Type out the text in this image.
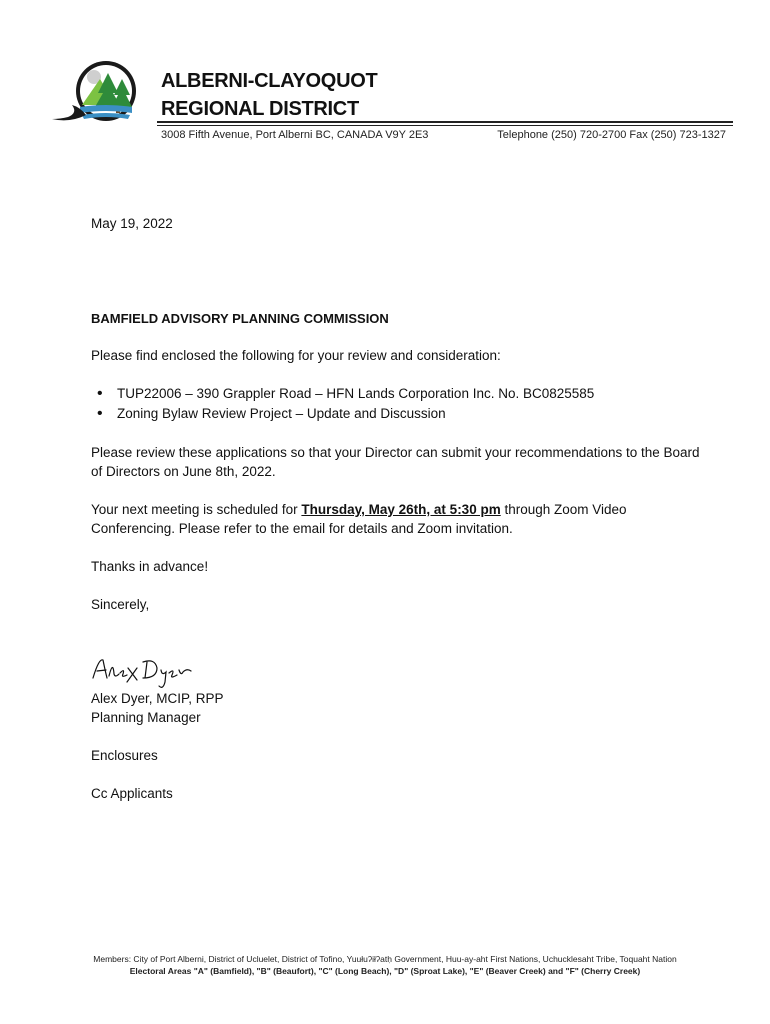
ALBERNI-CLAYOQUOT
REGIONAL DISTRICT
3008 Fifth Avenue, Port Alberni BC, CANADA V9Y 2E3	Telephone (250) 720-2700 Fax (250) 723-1327
May 19, 2022
BAMFIELD ADVISORY PLANNING COMMISSION
Please find enclosed the following for your review and consideration:
• TUP22006 – 390 Grappler Road – HFN Lands Corporation Inc. No. BC0825585
• Zoning Bylaw Review Project – Update and Discussion
Please review these applications so that your Director can submit your recommendations to the Board of Directors on June 8th, 2022.
Your next meeting is scheduled for Thursday, May 26th, at 5:30 pm through Zoom Video Conferencing. Please refer to the email for details and Zoom invitation.
Thanks in advance!
Sincerely,
Alex Dyer, MCIP, RPP
Planning Manager
Enclosures
Cc Applicants
Members: City of Port Alberni, District of Ucluelet, District of Tofino, Yuułuʔiłʔatḥ Government, Huu-ay-aht First Nations, Uchucklesaht Tribe, Toquaht Nation
Electoral Areas "A" (Bamfield), "B" (Beaufort), "C" (Long Beach), "D" (Sproat Lake), "E" (Beaver Creek) and "F" (Cherry Creek)
